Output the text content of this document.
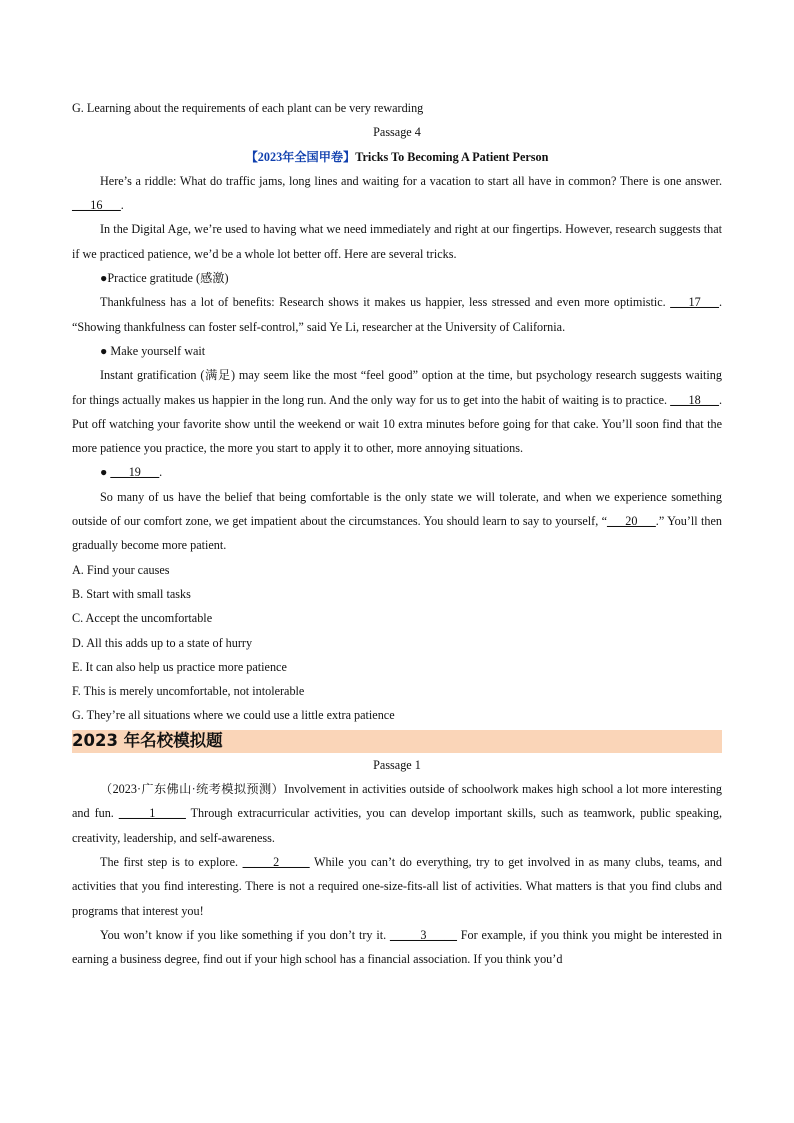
G. Learning about the requirements of each plant can be very rewarding

Passage 4

【2023年全国甲卷】Tricks To Becoming A Patient Person

Here’s a riddle: What do traffic jams, long lines and waiting for a vacation to start all have in common? There is one answer. ___16___.

In the Digital Age, we’re used to having what we need immediately and right at our fingertips. However, research suggests that if we practiced patience, we’d be a whole lot better off. Here are several tricks.

●Practice gratitude (感激)

Thankfulness has a lot of benefits: Research shows it makes us happier, less stressed and even more optimistic. ___17___. “Showing thankfulness can foster self-control,” said Ye Li, researcher at the University of California.

● Make yourself wait

Instant gratification (满足) may seem like the most “feel good” option at the time, but psychology research suggests waiting for things actually makes us happier in the long run. And the only way for us to get into the habit of waiting is to practice. ___18___. Put off watching your favorite show until the weekend or wait 10 extra minutes before going for that cake. You’ll soon find that the more patience you practice, the more you start to apply it to other, more annoying situations.

● ___19___.

So many of us have the belief that being comfortable is the only state we will tolerate, and when we experience something outside of our comfort zone, we get impatient about the circumstances. You should learn to say to yourself, “___20___.” You’ll then gradually become more patient.

A. Find your causes

B. Start with small tasks

C. Accept the uncomfortable

D. All this adds up to a state of hurry

E. It can also help us practice more patience

F. This is merely uncomfortable, not intolerable

G. They’re all situations where we could use a little extra patience

2023 年名校模拟题

Passage 1

（2023·广东佛山·统考模拟预测）Involvement in activities outside of schoolwork makes high school a lot more interesting and fun. _____1_____ Through extracurricular activities, you can develop important skills, such as teamwork, public speaking, creativity, leadership, and self-awareness.

The first step is to explore. _____2_____ While you can’t do everything, try to get involved in as many clubs, teams, and activities that you find interesting. There is not a required one-size-fits-all list of activities. What matters is that you find clubs and programs that interest you!

You won’t know if you like something if you don’t try it. _____3_____ For example, if you think you might be interested in earning a business degree, find out if your high school has a financial association. If you think you’d
